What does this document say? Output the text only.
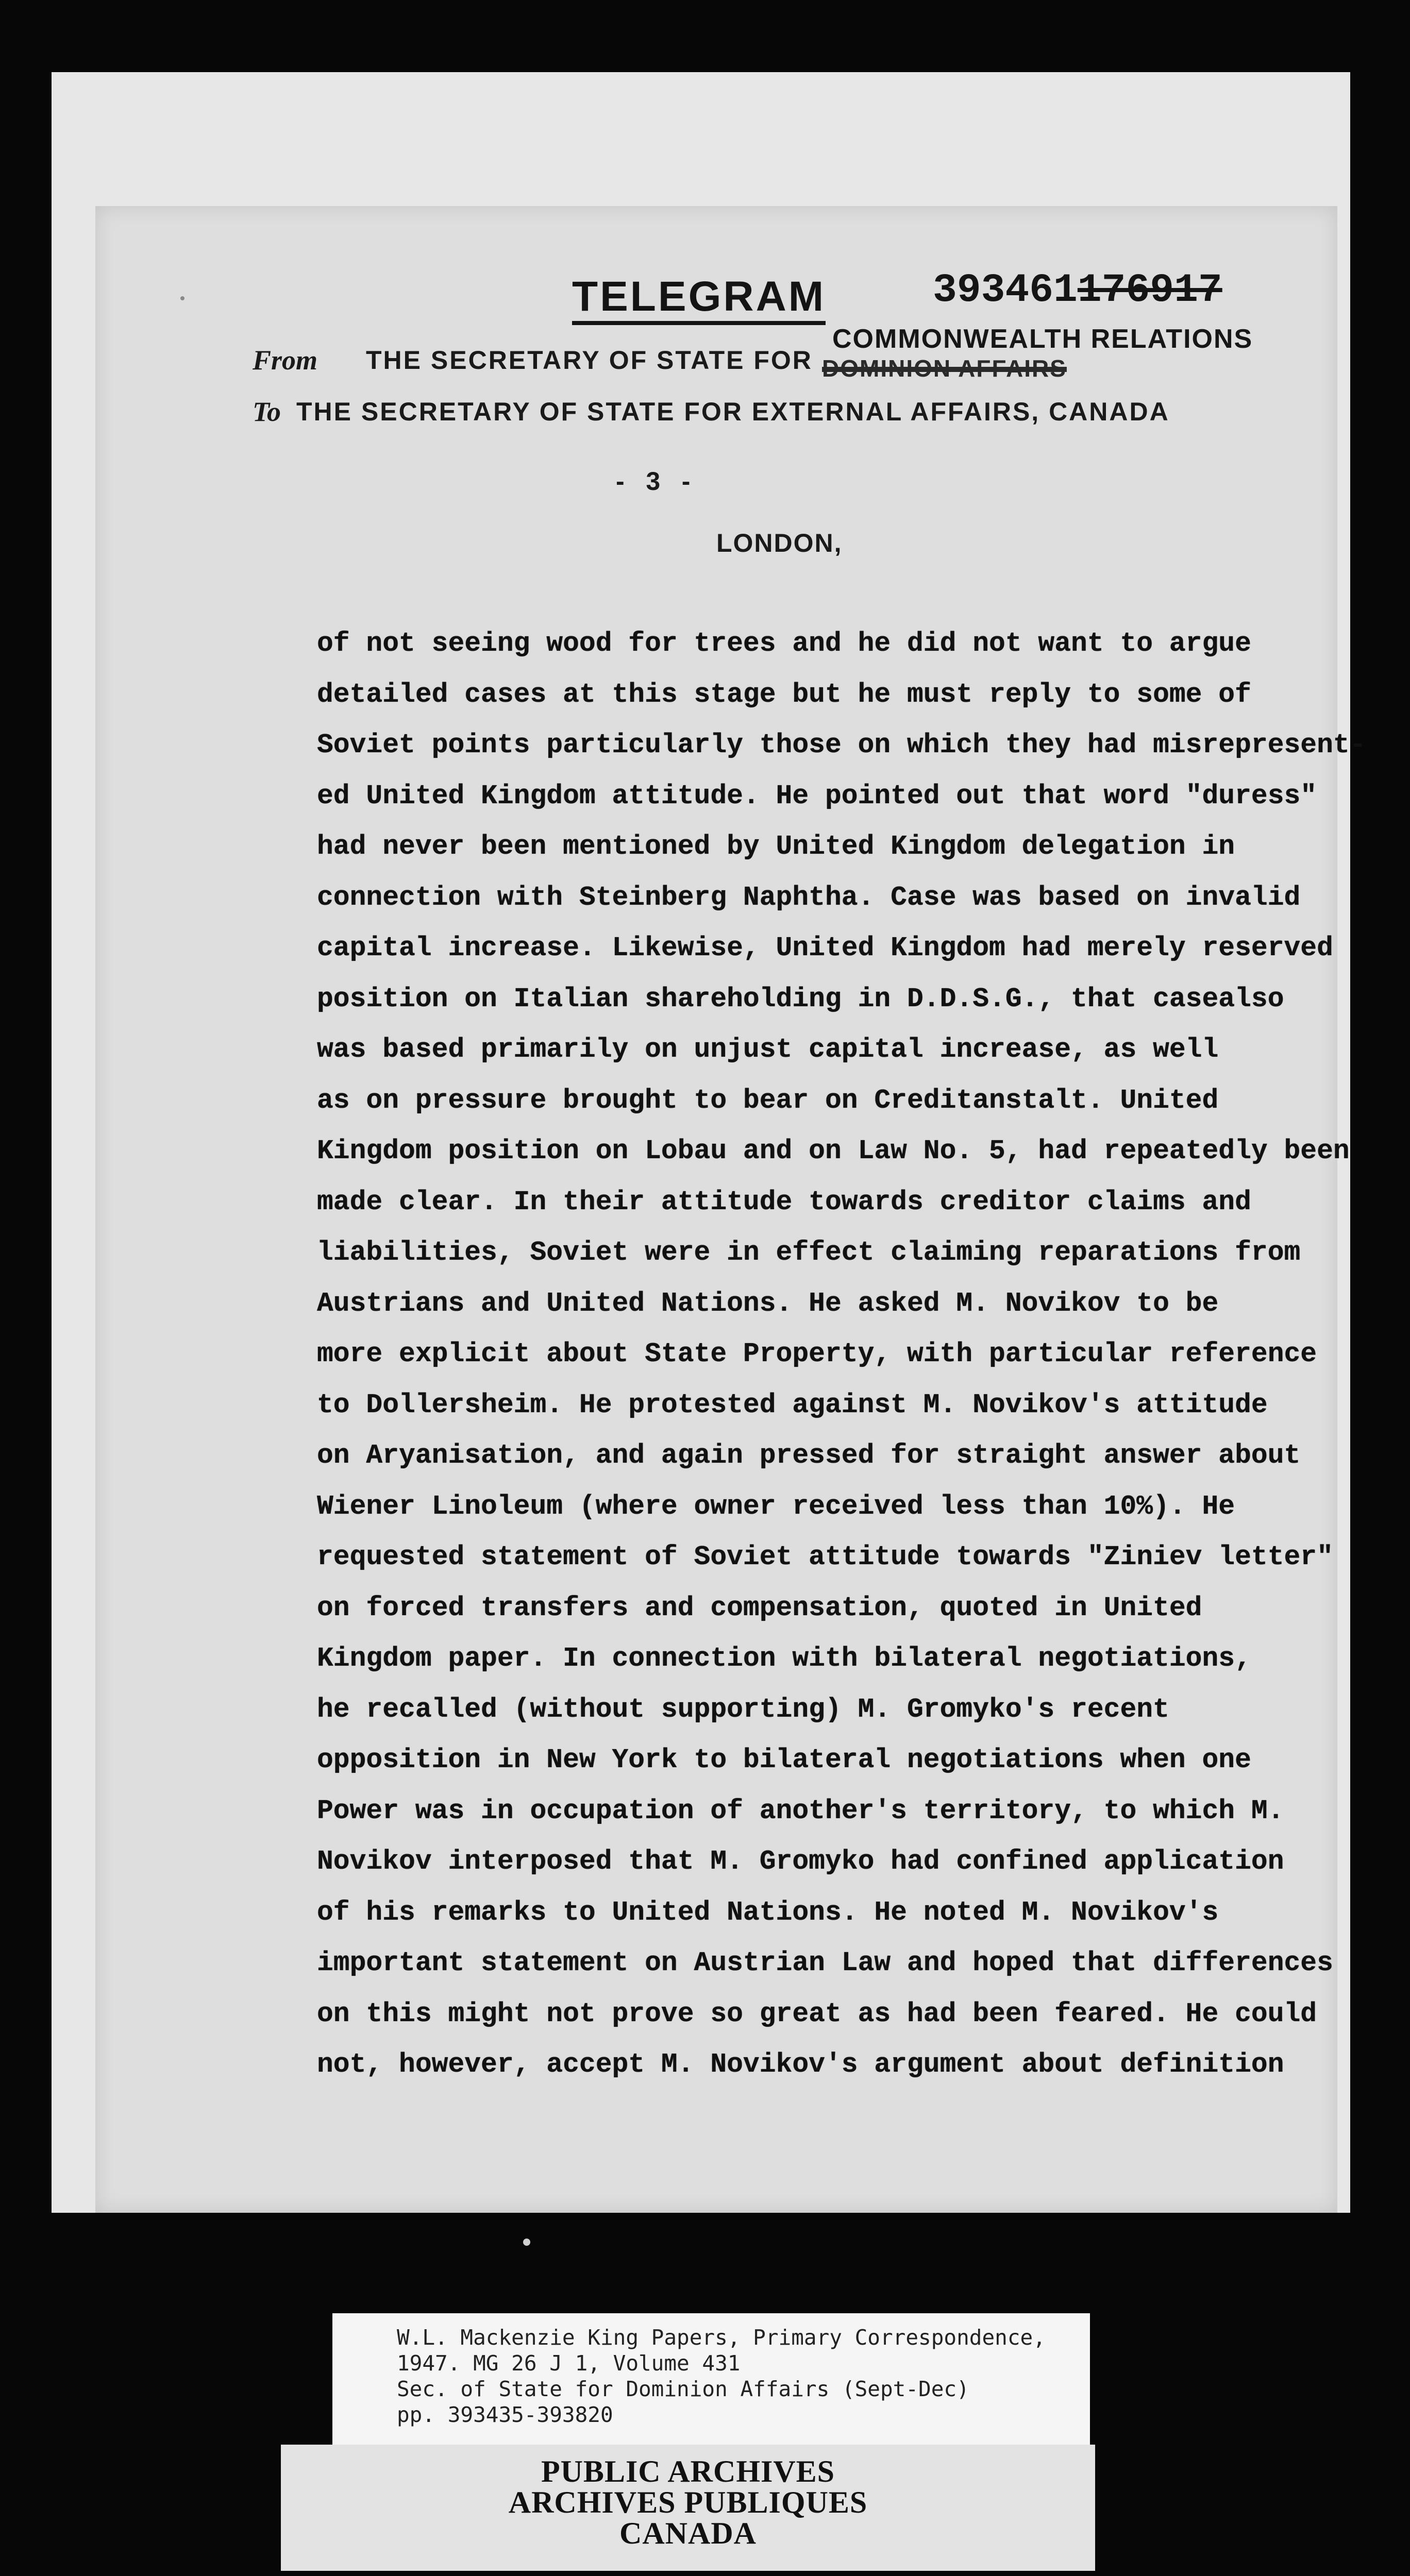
TELEGRAM	393461176917
COMMONWEALTH RELATIONS
From THE SECRETARY OF STATE FOR DOMINION AFFAIRS
To THE SECRETARY OF STATE FOR EXTERNAL AFFAIRS, CANADA
-   3   -
LONDON,
of not seeing wood for trees and he did not want to argue
detailed cases at this stage but he must reply to some of
Soviet points particularly those on which they had misrepresent-
ed United Kingdom attitude. He pointed out that word "duress"
had never been mentioned by United Kingdom delegation in
connection with Steinberg Naphtha. Case was based on invalid
capital increase. Likewise, United Kingdom had merely reserved
position on Italian shareholding in D.D.S.G., that casealso
was based primarily on unjust capital increase, as well
as on pressure brought to bear on Creditanstalt. United
Kingdom position on Lobau and on Law No. 5, had repeatedly been
made clear. In their attitude towards creditor claims and
liabilities, Soviet were in effect claiming reparations from
Austrians and United Nations. He asked M. Novikov to be
more explicit about State Property, with particular reference
to Dollersheim. He protested against M. Novikov's attitude
on Aryanisation, and again pressed for straight answer about
Wiener Linoleum (where owner received less than 10%). He
requested statement of Soviet attitude towards "Ziniev letter"
on forced transfers and compensation, quoted in United
Kingdom paper. In connection with bilateral negotiations,
he recalled (without supporting) M. Gromyko's recent
opposition in New York to bilateral negotiations when one
Power was in occupation of another's territory, to which M.
Novikov interposed that M. Gromyko had confined application
of his remarks to United Nations. He noted M. Novikov's
important statement on Austrian Law and hoped that differences
on this might not prove so great as had been feared. He could
not, however, accept M. Novikov's argument about definition
W.L. Mackenzie King Papers, Primary Correspondence,
1947. MG 26 J 1, Volume 431
Sec. of State for Dominion Affairs (Sept-Dec)
pp. 393435-393820
PUBLIC ARCHIVES
ARCHIVES PUBLIQUES
CANADA
